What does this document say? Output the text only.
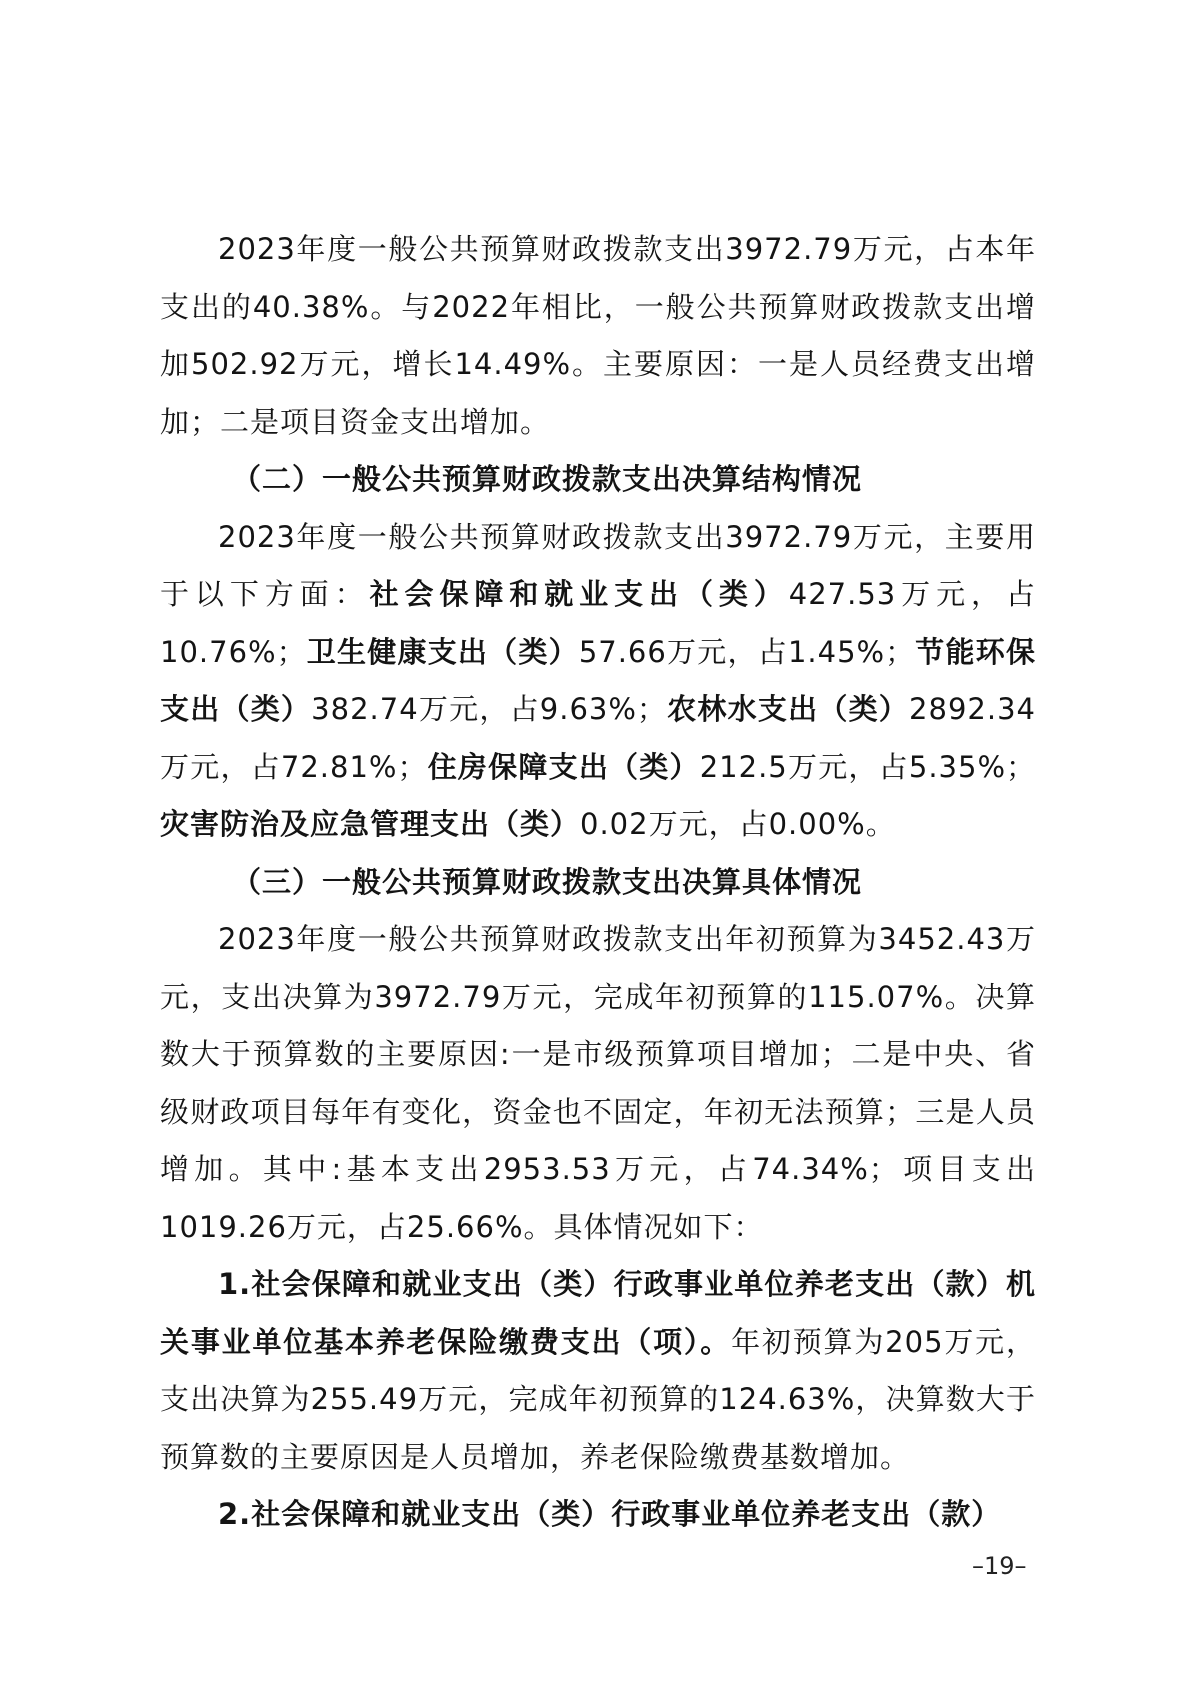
2023年度一般公共预算财政拨款支出3972.79万元，占本年支出的40.38%。与2022年相比，一般公共预算财政拨款支出增加502.92万元，增长14.49%。主要原因：一是人员经费支出增加；二是项目资金支出增加。

（二）一般公共预算财政拨款支出决算结构情况

2023年度一般公共预算财政拨款支出3972.79万元，主要用于以下方面：社会保障和就业支出（类）427.53万元，占10.76%；卫生健康支出（类）57.66万元，占1.45%；节能环保支出（类）382.74万元，占9.63%；农林水支出（类）2892.34万元，占72.81%；住房保障支出（类）212.5万元，占5.35%；灾害防治及应急管理支出（类）0.02万元，占0.00%。

（三）一般公共预算财政拨款支出决算具体情况

2023年度一般公共预算财政拨款支出年初预算为3452.43万元，支出决算为3972.79万元，完成年初预算的115.07%。决算数大于预算数的主要原因:一是市级预算项目增加；二是中央、省级财政项目每年有变化，资金也不固定，年初无法预算；三是人员增加。其中:基本支出2953.53万元，占74.34%；项目支出1019.26万元，占25.66%。具体情况如下：

1.社会保障和就业支出（类）行政事业单位养老支出（款）机关事业单位基本养老保险缴费支出（项）。年初预算为205万元，支出决算为255.49万元，完成年初预算的124.63%，决算数大于预算数的主要原因是人员增加，养老保险缴费基数增加。

2.社会保障和就业支出（类）行政事业单位养老支出（款）

–19–
